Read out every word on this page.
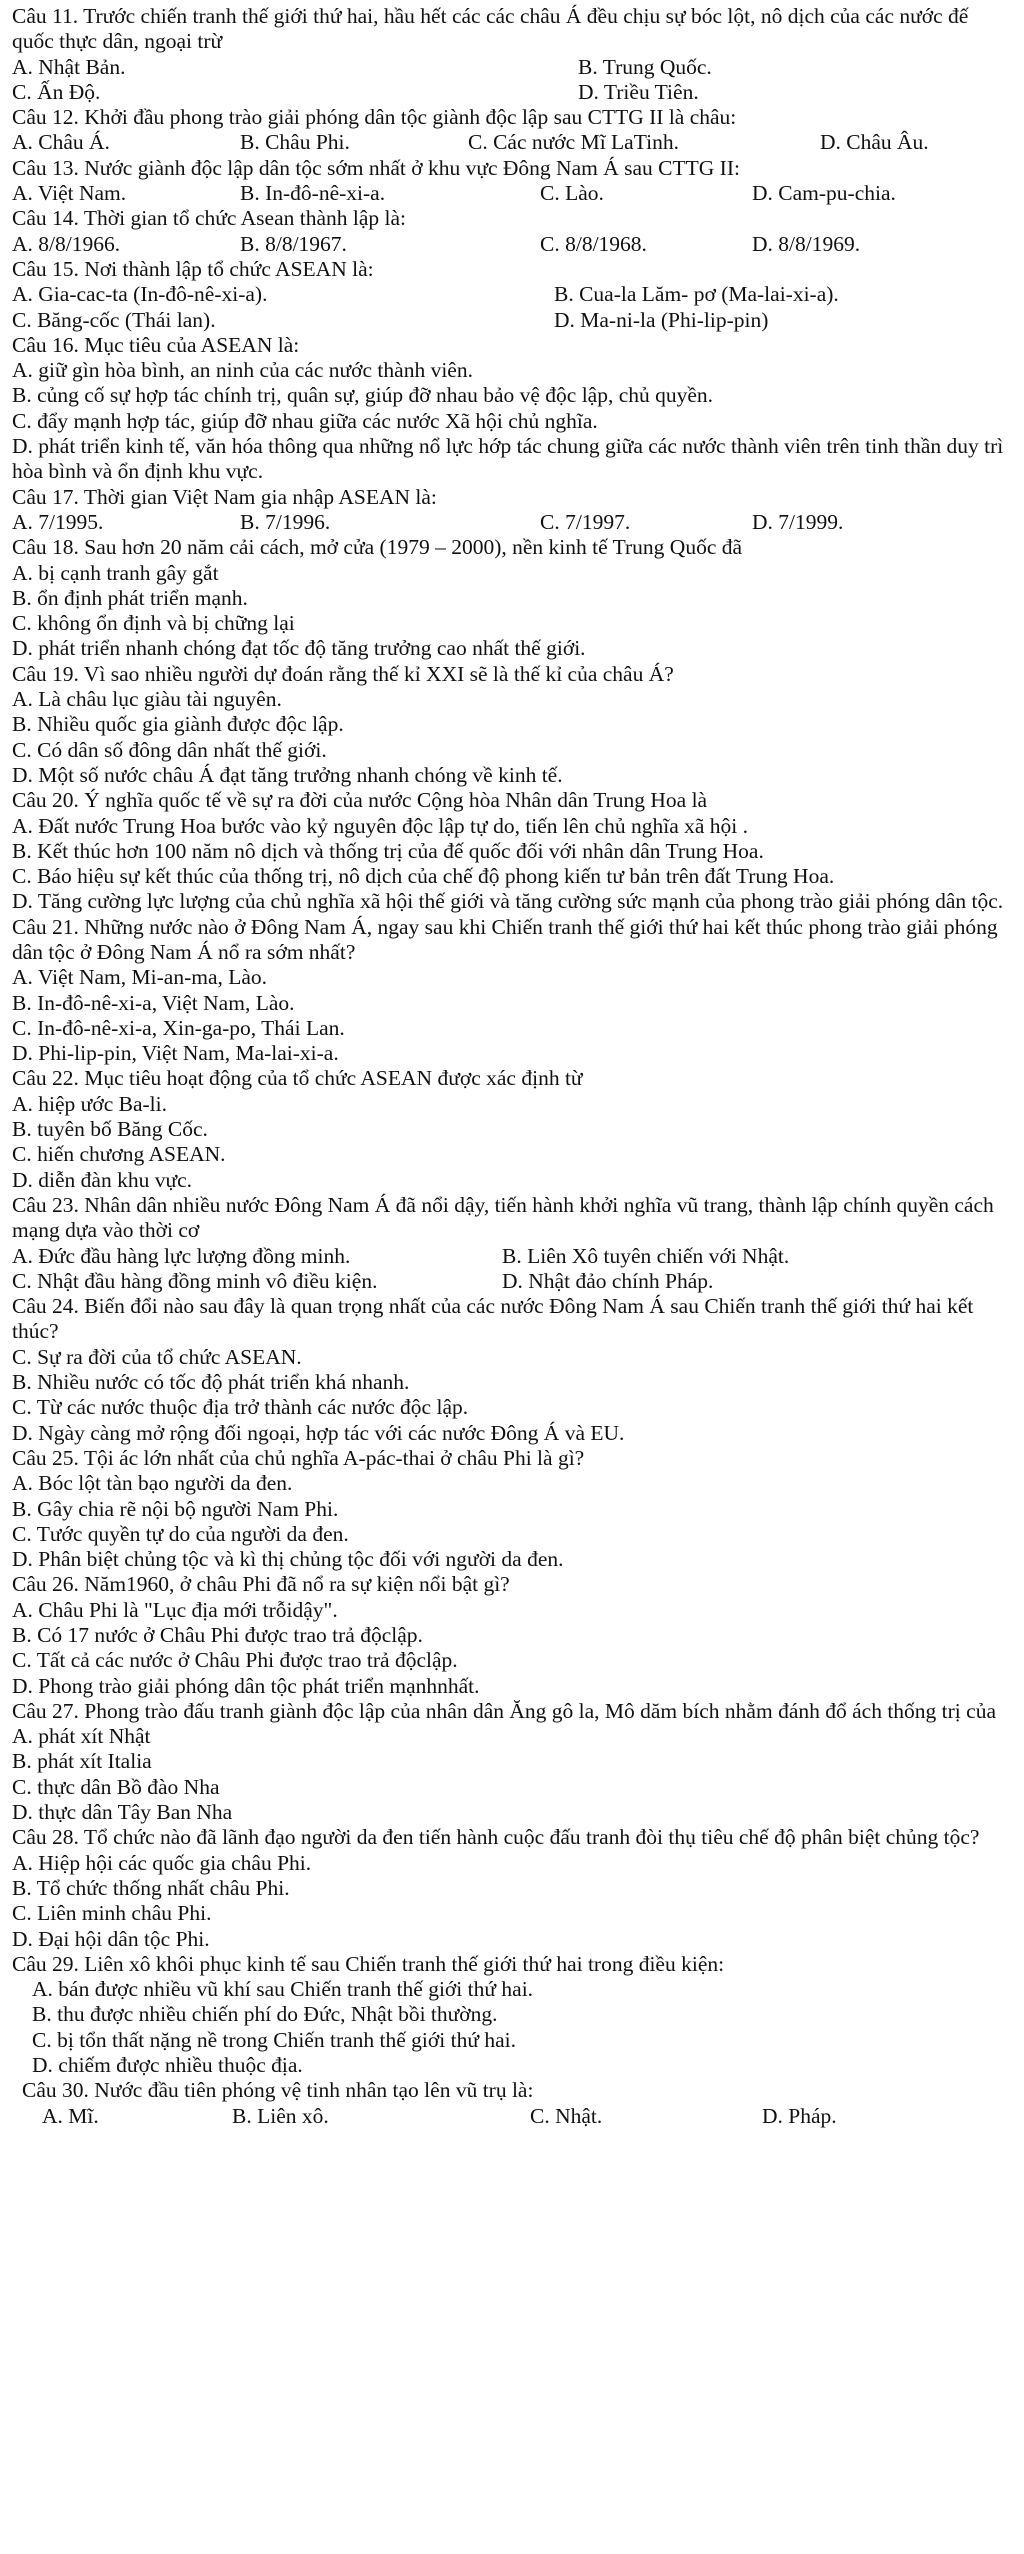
Câu 11. Trước chiến tranh thế giới thứ hai, hầu hết các các châu Á đều chịu sự bóc lột, nô dịch của các nước đế quốc thực dân, ngoại trừ
A. Nhật Bản.	B. Trung Quốc.
C. Ấn Độ.	D. Triều Tiên.
Câu 12. Khởi đầu phong trào giải phóng dân tộc giành độc lập sau CTTG II là châu:
A. Châu Á.	B. Châu Phi.	C. Các nước Mĩ LaTinh.	D. Châu Âu.
Câu 13. Nước giành độc lập dân tộc sớm nhất ở khu vực Đông Nam Á sau CTTG II:
A. Việt Nam.	B. In-đô-nê-xi-a.	C. Lào.	D. Cam-pu-chia.
Câu 14. Thời gian tổ chức Asean thành lập là:
A. 8/8/1966.	B. 8/8/1967.	C. 8/8/1968.	D. 8/8/1969.
Câu 15. Nơi thành lập tổ chức ASEAN là:
A. Gia-cac-ta (In-đô-nê-xi-a).	B. Cua-la Lăm- pơ (Ma-lai-xi-a).
C. Băng-cốc (Thái lan).	D. Ma-ni-la (Phi-lip-pin)
Câu 16. Mục tiêu của ASEAN là:
A. giữ gìn hòa bình, an ninh của các nước thành viên.
B. củng cố sự hợp tác chính trị, quân sự, giúp đỡ nhau bảo vệ độc lập, chủ quyền.
C. đẩy mạnh hợp tác, giúp đỡ nhau giữa các nước Xã hội chủ nghĩa.
D. phát triển kinh tế, văn hóa thông qua những nổ lực hớp tác chung giữa các nước thành viên trên tinh thần duy trì hòa bình và ổn định khu vực.
Câu 17. Thời gian Việt Nam gia nhập ASEAN là:
A. 7/1995.	B. 7/1996.	C. 7/1997.	D. 7/1999.
Câu 18. Sau hơn 20 năm cải cách, mở cửa (1979 – 2000), nền kinh tế Trung Quốc đã
A. bị cạnh tranh gây gắt
B. ổn định phát triển mạnh.
C. không ổn định và bị chững lại
D. phát triển nhanh chóng đạt tốc độ tăng trưởng cao nhất thế giới.
Câu 19. Vì sao nhiều người dự đoán rằng thế kỉ XXI sẽ là thế kỉ của châu Á?
A. Là châu lục giàu tài nguyên.
B. Nhiều quốc gia giành được độc lập.
C. Có dân số đông dân nhất thế giới.
D. Một số nước châu Á đạt tăng trưởng nhanh chóng về kinh tế.
Câu 20. Ý nghĩa quốc tế về sự ra đời của nước Cộng hòa Nhân dân Trung Hoa là
A. Đất nước Trung Hoa bước vào kỷ nguyên độc lập tự do, tiến lên chủ nghĩa xã hội .
B. Kết thúc hơn 100 năm nô dịch và thống trị của đế quốc đối với nhân dân Trung Hoa.
C. Báo hiệu sự kết thúc của thống trị, nô dịch của chế độ phong kiến tư bản trên đất Trung Hoa.
D. Tăng cường lực lượng của chủ nghĩa xã hội thế giới và tăng cường sức mạnh của phong trào giải phóng dân tộc.
Câu 21. Những nước nào ở Đông Nam Á, ngay sau khi Chiến tranh thế giới thứ hai kết thúc phong trào giải phóng dân tộc ở Đông Nam Á nổ ra sớm nhất?
A. Việt Nam, Mi-an-ma, Lào.
B. In-đô-nê-xi-a, Việt Nam, Lào.
C. In-đô-nê-xi-a, Xin-ga-po, Thái Lan.
D. Phi-lip-pin, Việt Nam, Ma-lai-xi-a.
Câu 22. Mục tiêu hoạt động của tổ chức ASEAN được xác định từ
A. hiệp ước Ba-li.
B. tuyên bố Băng Cốc.
C. hiến chương ASEAN.
D. diễn đàn khu vực.
Câu 23. Nhân dân nhiều nước Đông Nam Á đã nổi dậy, tiến hành khởi nghĩa vũ trang, thành lập chính quyền cách mạng dựa vào thời cơ
A. Đức đầu hàng lực lượng đồng minh.	B. Liên Xô tuyên chiến với Nhật.
C. Nhật đầu hàng đồng minh vô điều kiện.	D. Nhật đảo chính Pháp.
Câu 24. Biến đổi nào sau đây là quan trọng nhất của các nước Đông Nam Á sau Chiến tranh thế giới thứ hai kết thúc?
C. Sự ra đời của tổ chức ASEAN.
B. Nhiều nước có tốc độ phát triển khá nhanh.
C. Từ các nước thuộc địa trở thành các nước độc lập.
D. Ngày càng mở rộng đối ngoại, hợp tác với các nước Đông Á và EU.
Câu 25. Tội ác lớn nhất của chủ nghĩa A-pác-thai ở châu Phi là gì?
A. Bóc lột tàn bạo người da đen.
B. Gây chia rẽ nội bộ người Nam Phi.
C. Tước quyền tự do của người da đen.
D. Phân biệt chủng tộc và kì thị chủng tộc đối với người da đen.
Câu 26. Năm1960, ở châu Phi đã nổ ra sự kiện nổi bật gì?
A. Châu Phi là "Lục địa mới trỗidậy".
B. Có 17 nước ở Châu Phi được trao trả độclập.
C. Tất cả các nước ở Châu Phi được trao trả độclập.
D. Phong trào giải phóng dân tộc phát triển mạnhnhất.
Câu 27. Phong trào đấu tranh giành độc lập của nhân dân Ăng gô la, Mô dăm bích nhằm đánh đổ ách thống trị của
A. phát xít Nhật
B. phát xít Italia
C. thực dân Bồ đào Nha
D. thực dân Tây Ban Nha
Câu 28. Tổ chức nào đã lãnh đạo người da đen tiến hành cuộc đấu tranh đòi thụ tiêu chế độ phân biệt chủng tộc?
A. Hiệp hội các quốc gia châu Phi.
B. Tổ chức thống nhất châu Phi.
C. Liên minh châu Phi.
D. Đại hội dân tộc Phi.
Câu 29. Liên xô khôi phục kinh tế sau Chiến tranh thế giới thứ hai trong điều kiện:
A. bán được nhiều vũ khí sau Chiến tranh thế giới thứ hai.
B. thu được nhiều chiến phí do Đức, Nhật bồi thường.
C. bị tổn thất nặng nề trong Chiến tranh thế giới thứ hai.
D. chiếm được nhiều thuộc địa.
Câu 30. Nước đầu tiên phóng vệ tinh nhân tạo lên vũ trụ là:
A. Mĩ.	B. Liên xô.	C. Nhật.	D. Pháp.
